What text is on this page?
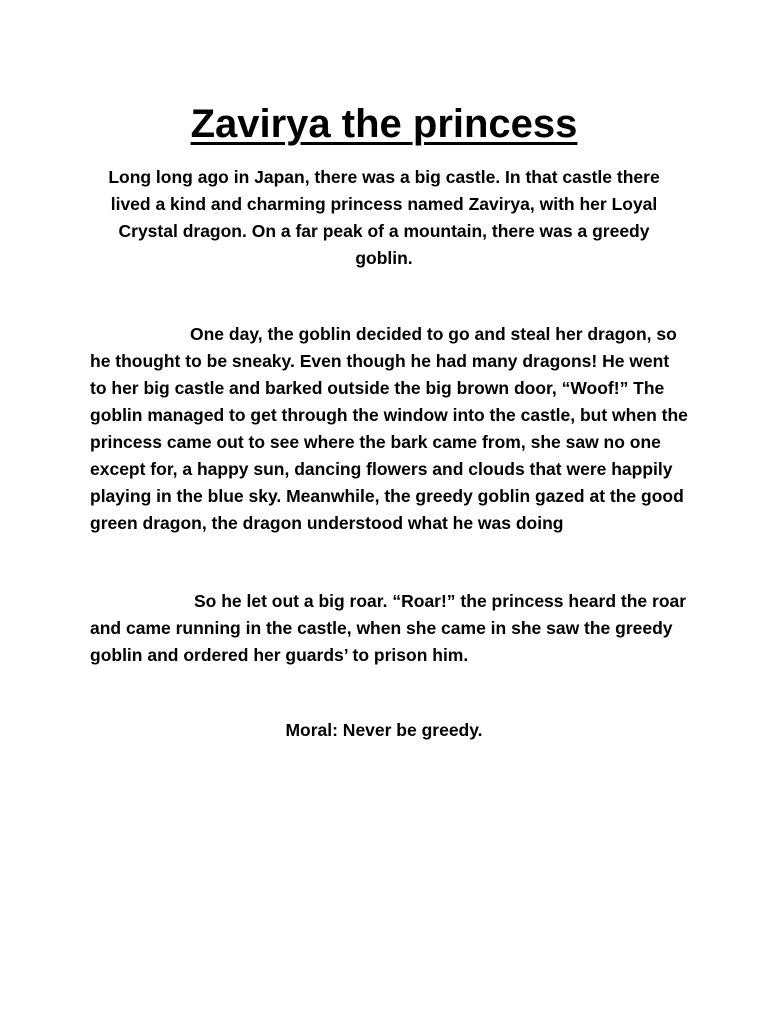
Zavirya the princess

Long long ago in Japan, there was a big castle. In that castle there lived a kind and charming princess named Zavirya, with her Loyal Crystal dragon. On a far peak of a mountain, there was a greedy goblin.

One day, the goblin decided to go and steal her dragon, so he thought to be sneaky. Even though he had many dragons! He went to her big castle and barked outside the big brown door, “Woof!” The goblin managed to get through the window into the castle, but when the princess came out to see where the bark came from, she saw no one except for, a happy sun, dancing flowers and clouds that were happily playing in the blue sky. Meanwhile, the greedy goblin gazed at the good green dragon, the dragon understood what he was doing

So he let out a big roar. “Roar!” the princess heard the roar and came running in the castle, when she came in she saw the greedy goblin and ordered her guards’ to prison him.

Moral: Never be greedy.
